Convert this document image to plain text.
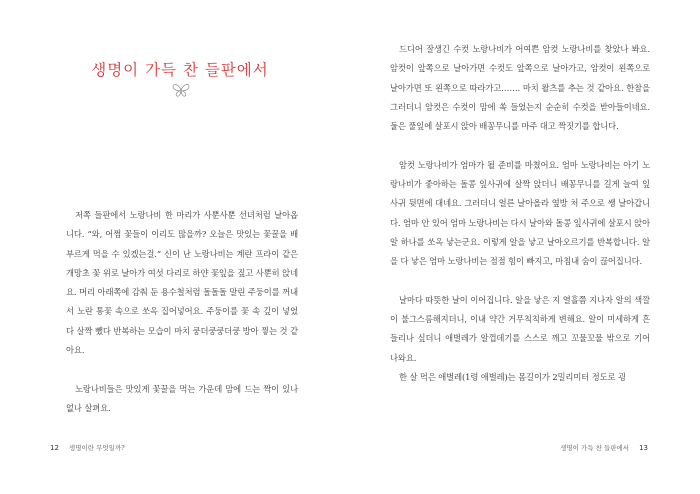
생명이 가득 찬 들판에서

저쪽 들판에서 노랑나비 한 마리가 사뿐사뿐 선녀처럼 날아옵니다. “와, 어쩜 꽃들이 이리도 많을까? 오늘은 맛있는 꽃꿀을 배부르게 먹을 수 있겠는걸.” 신이 난 노랑나비는 계란 프라이 같은 개망초 꽃 위로 날아가 여섯 다리로 하얀 꽃잎을 짚고 사뿐히 앉네요. 머리 아래쪽에 감춰 둔 용수철처럼 돌돌돌 말린 주둥이를 꺼내서 노란 통꽃 속으로 쏘옥 집어넣어요. 주둥이를 꽃 속 깊이 넣었다 살짝 뺐다 반복하는 모습이 마치 쿵더쿵쿵더쿵 방아 찧는 것 같아요.

노랑나비들은 맛있게 꽃꿀을 먹는 가운데 맘에 드는 짝이 있나 없나 살펴요.

12 생명이란 무엇일까?

드디어 잘생긴 수컷 노랑나비가 어여쁜 암컷 노랑나비를 찾았나 봐요. 암컷이 앞쪽으로 날아가면 수컷도 앞쪽으로 날아가고, 암컷이 왼쪽으로 날아가면 또 왼쪽으로 따라가고……. 마치 왈츠를 추는 것 같아요. 한참을 그러더니 암컷은 수컷이 맘에 쏙 들었는지 순순히 수컷을 받아들이네요. 둘은 풀잎에 살포시 앉아 배꽁무니를 마주 대고 짝짓기를 합니다.

암컷 노랑나비가 엄마가 될 준비를 마쳤어요. 엄마 노랑나비는 아기 노랑나비가 좋아하는 돌콩 잎사귀에 살짝 앉더니 배꽁무니를 길게 늘여 잎사귀 뒷면에 대네요. 그러더니 얼른 날아올라 옆방 처 주으로 쌩 날아갑니다. 엄마 안 있어 엄마 노랑나비는 다시 날아와 돌콩 잎사귀에 살포시 앉아 알 하나를 쏘옥 낳는군요. 이렇게 알을 낳고 날아오르기를 반복합니다. 알을 다 낳은 엄마 노랑나비는 점점 힘이 빠지고, 마침내 숨이 끊어집니다.

날마다 따뜻한 날이 이어집니다. 알을 낳은 지 열흘쯤 지나자 알의 색깔이 불그스름해지더니, 이내 약간 거무칙칙하게 변해요. 알이 미세하게 흔들리나 싶더니 애벌레가 알껍데기를 스스로 깨고 꼬물꼬물 밖으로 기어 나와요.

한 살 먹은 애벌레(1령 애벌레)는 몸길이가 2밀리미터 정도로 굉

생명이 가득 찬 들판에서 13
